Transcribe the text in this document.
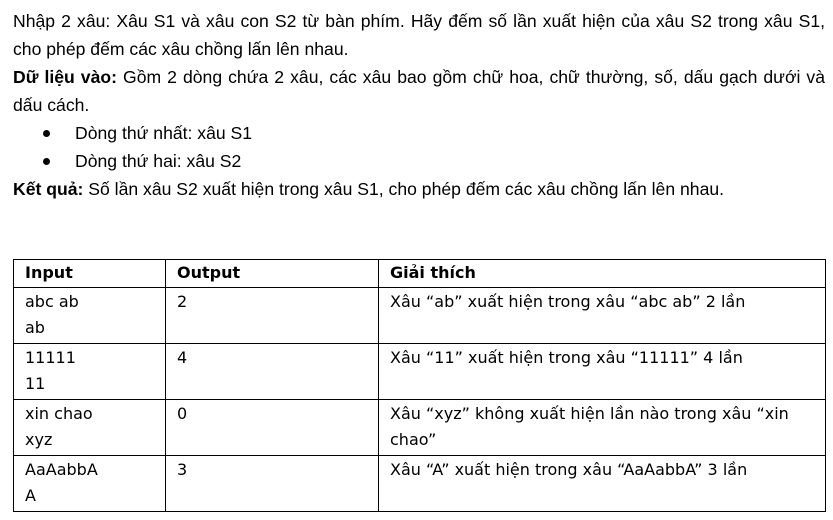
Nhập 2 xâu: Xâu S1 và xâu con S2 từ bàn phím. Hãy đếm số lần xuất hiện của xâu S2 trong xâu S1, cho phép đếm các xâu chồng lấn lên nhau.

Dữ liệu vào: Gồm 2 dòng chứa 2 xâu, các xâu bao gồm chữ hoa, chữ thường, số, dấu gạch dưới và dấu cách.

Dòng thứ nhất: xâu S1
Dòng thứ hai: xâu S2

Kết quả: Số lần xâu S2 xuất hiện trong xâu S1, cho phép đếm các xâu chồng lấn lên nhau.

Input	Output	Giải thích

abc ab
ab	2	Xâu “ab” xuất hiện trong xâu “abc ab” 2 lần

11111
11	4	Xâu “11” xuất hiện trong xâu “11111” 4 lần

xin chao
xyz	0	Xâu “xyz” không xuất hiện lần nào trong xâu “xin chao”

AaAabbA
A	3	Xâu “A” xuất hiện trong xâu “AaAabbA” 3 lần
